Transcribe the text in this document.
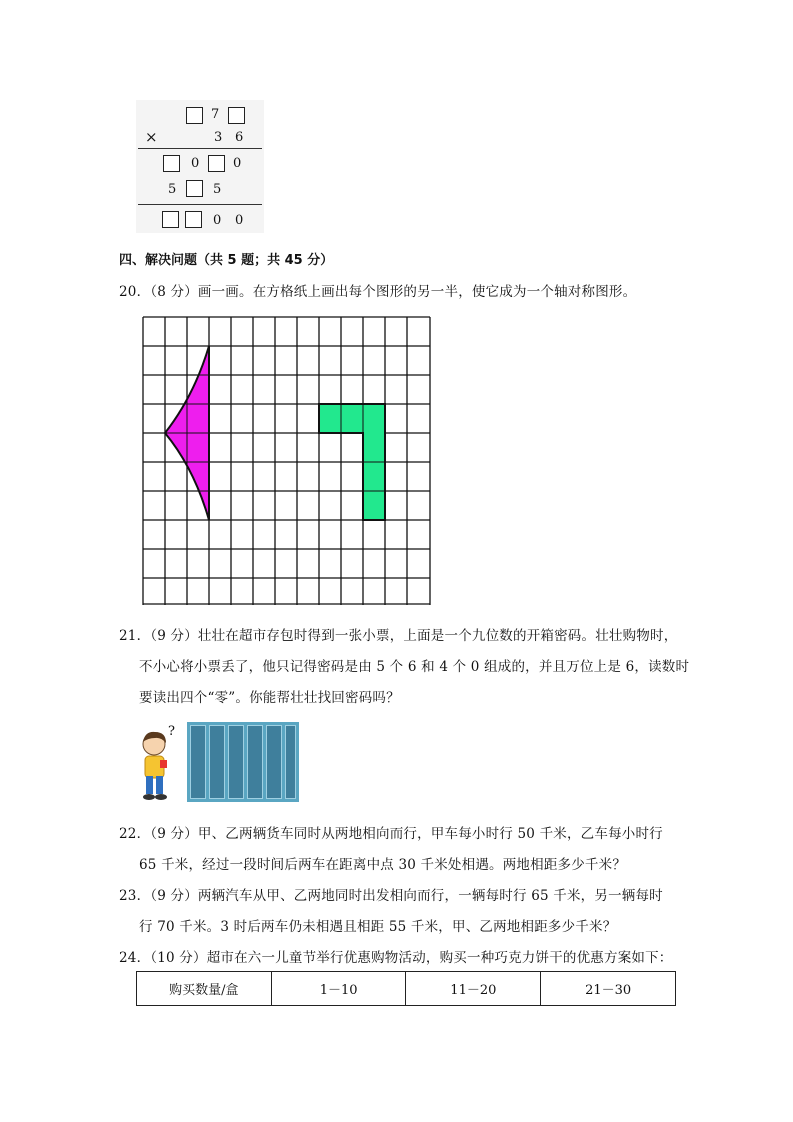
7
×	3 6
0	0
5	5
0 0
四、解决问题（共 5 题；共 45 分）
20．（8 分）画一画。在方格纸上画出每个图形的另一半，使它成为一个轴对称图形。
21．（9 分）壮壮在超市存包时得到一张小票，上面是一个九位数的开箱密码。壮壮购物时，
不小心将小票丢了，他只记得密码是由 5 个 6 和 4 个 0 组成的，并且万位上是 6，读数时
要读出四个“零”。你能帮壮壮找回密码吗？
?
22．（9 分）甲、乙两辆货车同时从两地相向而行，甲车每小时行 50 千米，乙车每小时行
65 千米，经过一段时间后两车在距离中点 30 千米处相遇。两地相距多少千米？
23．（9 分）两辆汽车从甲、乙两地同时出发相向而行，一辆每时行 65 千米，另一辆每时
行 70 千米。3 时后两车仍未相遇且相距 55 千米，甲、乙两地相距多少千米？
24．（10 分）超市在六一儿童节举行优惠购物活动，购买一种巧克力饼干的优惠方案如下：
购买数量/盒	1－10	11－20	21－30
